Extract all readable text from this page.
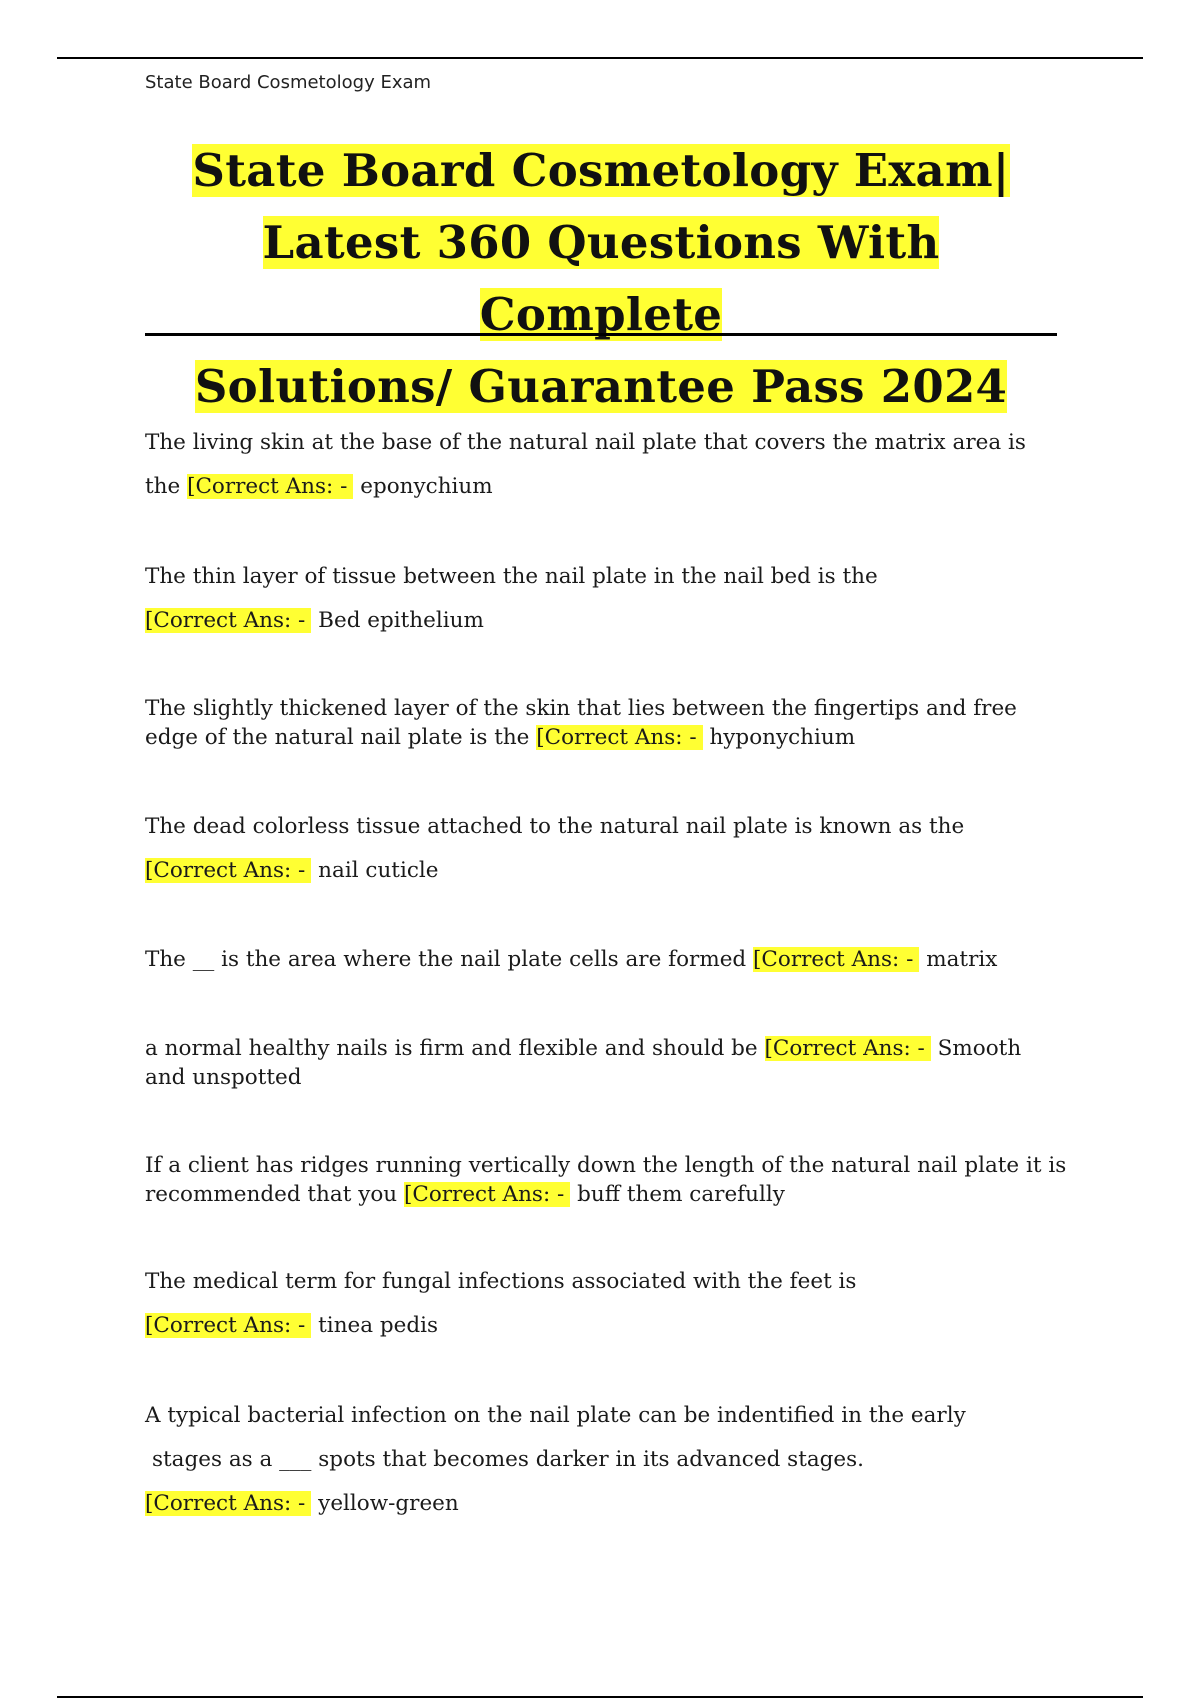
State Board Cosmetology Exam
State Board Cosmetology Exam|
Latest 360 Questions With Complete
Solutions/ Guarantee Pass 2024
The living skin at the base of the natural nail plate that covers the matrix area is
the [Correct Ans: - eponychium
The thin layer of tissue between the nail plate in the nail bed is the
[Correct Ans: - Bed epithelium
The slightly thickened layer of the skin that lies between the fingertips and free
edge of the natural nail plate is the [Correct Ans: - hyponychium
The dead colorless tissue attached to the natural nail plate is known as the
[Correct Ans: - nail cuticle
The __ is the area where the nail plate cells are formed [Correct Ans: - matrix
a normal healthy nails is firm and flexible and should be [Correct Ans: - Smooth
and unspotted
If a client has ridges running vertically down the length of the natural nail plate it is
recommended that you [Correct Ans: - buff them carefully
The medical term for fungal infections associated with the feet is
[Correct Ans: - tinea pedis
A typical bacterial infection on the nail plate can be indentified in the early
stages as a ___ spots that becomes darker in its advanced stages.
[Correct Ans: - yellow-green
